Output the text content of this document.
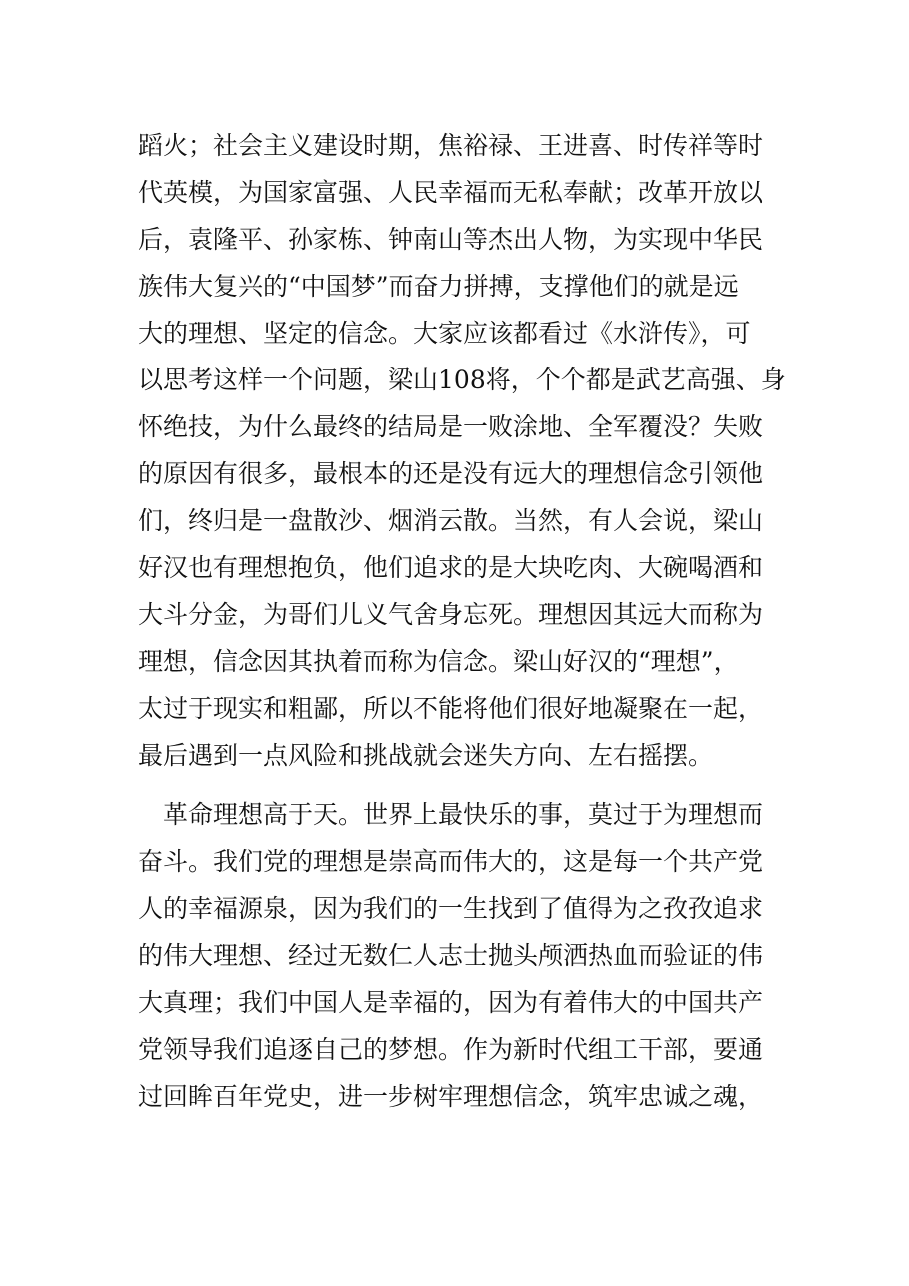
蹈火；社会主义建设时期，焦裕禄、王进喜、时传祥等时
代英模，为国家富强、人民幸福而无私奉献；改革开放以
后，袁隆平、孙家栋、钟南山等杰出人物，为实现中华民
族伟大复兴的“中国梦”而奋力拼搏，支撑他们的就是远
大的理想、坚定的信念。大家应该都看过《水浒传》，可
以思考这样一个问题，梁山108将，个个都是武艺高强、身
怀绝技，为什么最终的结局是一败涂地、全军覆没？失败
的原因有很多，最根本的还是没有远大的理想信念引领他
们，终归是一盘散沙、烟消云散。当然，有人会说，梁山
好汉也有理想抱负，他们追求的是大块吃肉、大碗喝酒和
大斗分金，为哥们儿义气舍身忘死。理想因其远大而称为
理想，信念因其执着而称为信念。梁山好汉的“理想”，
太过于现实和粗鄙，所以不能将他们很好地凝聚在一起，
最后遇到一点风险和挑战就会迷失方向、左右摇摆。
　革命理想高于天。世界上最快乐的事，莫过于为理想而
奋斗。我们党的理想是崇高而伟大的，这是每一个共产党
人的幸福源泉，因为我们的一生找到了值得为之孜孜追求
的伟大理想、经过无数仁人志士抛头颅洒热血而验证的伟
大真理；我们中国人是幸福的，因为有着伟大的中国共产
党领导我们追逐自己的梦想。作为新时代组工干部，要通
过回眸百年党史，进一步树牢理想信念，筑牢忠诚之魂，
